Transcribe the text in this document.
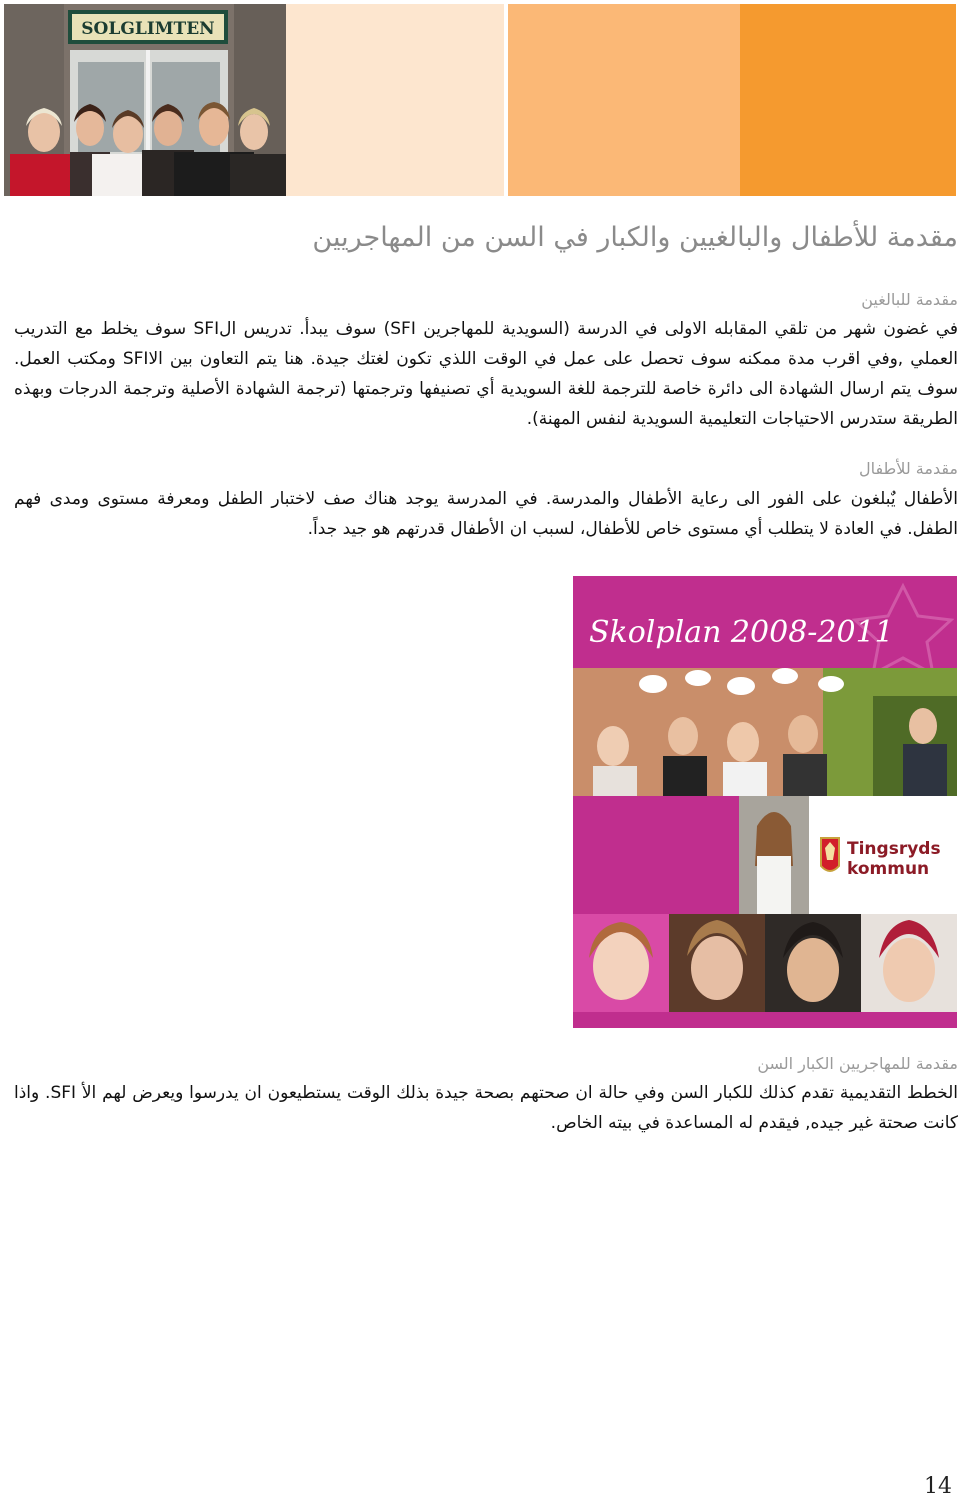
SOLGLIMTEN
مقدمة للأطفال والبالغيين والكبار في السن من المهاجريين
مقدمة للبالغين

في غضون شهر من تلقي المقابله الاولى في الدرسة (السويدية للمهاجرين SFI) سوف يبدأ. تدريس الSFI سوف يخلط مع التدريب العملي ,وفي اقرب مدة ممكنه سوف تحصل على عمل في الوقت اللذي تكون لغتك جيدة. هنا يتم التعاون بين الاSFI ومكتب العمل. سوف يتم ارسال الشهادة الى دائرة خاصة للترجمة للغة السويدية أي تصنيفها وترجمتها (ترجمة الشهادة الأصلية وترجمة الدرجات وبهذه الطريقة ستدرس الاحتياجات التعليمية السويدية لنفس المهنة).

مقدمة للأطفال

الأطفال يٌبلغون على الفور الى رعاية الأطفال والمدرسة. في المدرسة يوجد هناك صف لاختبار الطفل ومعرفة مستوى ومدى فهم الطفل. في العادة لا يتطلب أي مستوى خاص للأطفال، لسبب ان الأطفال قدرتهم هو جيد جداً.

Skolplan 2008-2011
Tingsryds
kommun
مقدمة للمهاجريين الكبار السن

الخطط التقديمية تقدم كذلك للكبار السن وفي حالة ان صحتهم بصحة جيدة بذلك الوقت يستطيعون ان يدرسوا ويعرض لهم الأ SFI. واذا كانت صحتة غير جيده, فيقدم له المساعدة في بيته الخاص.

14
